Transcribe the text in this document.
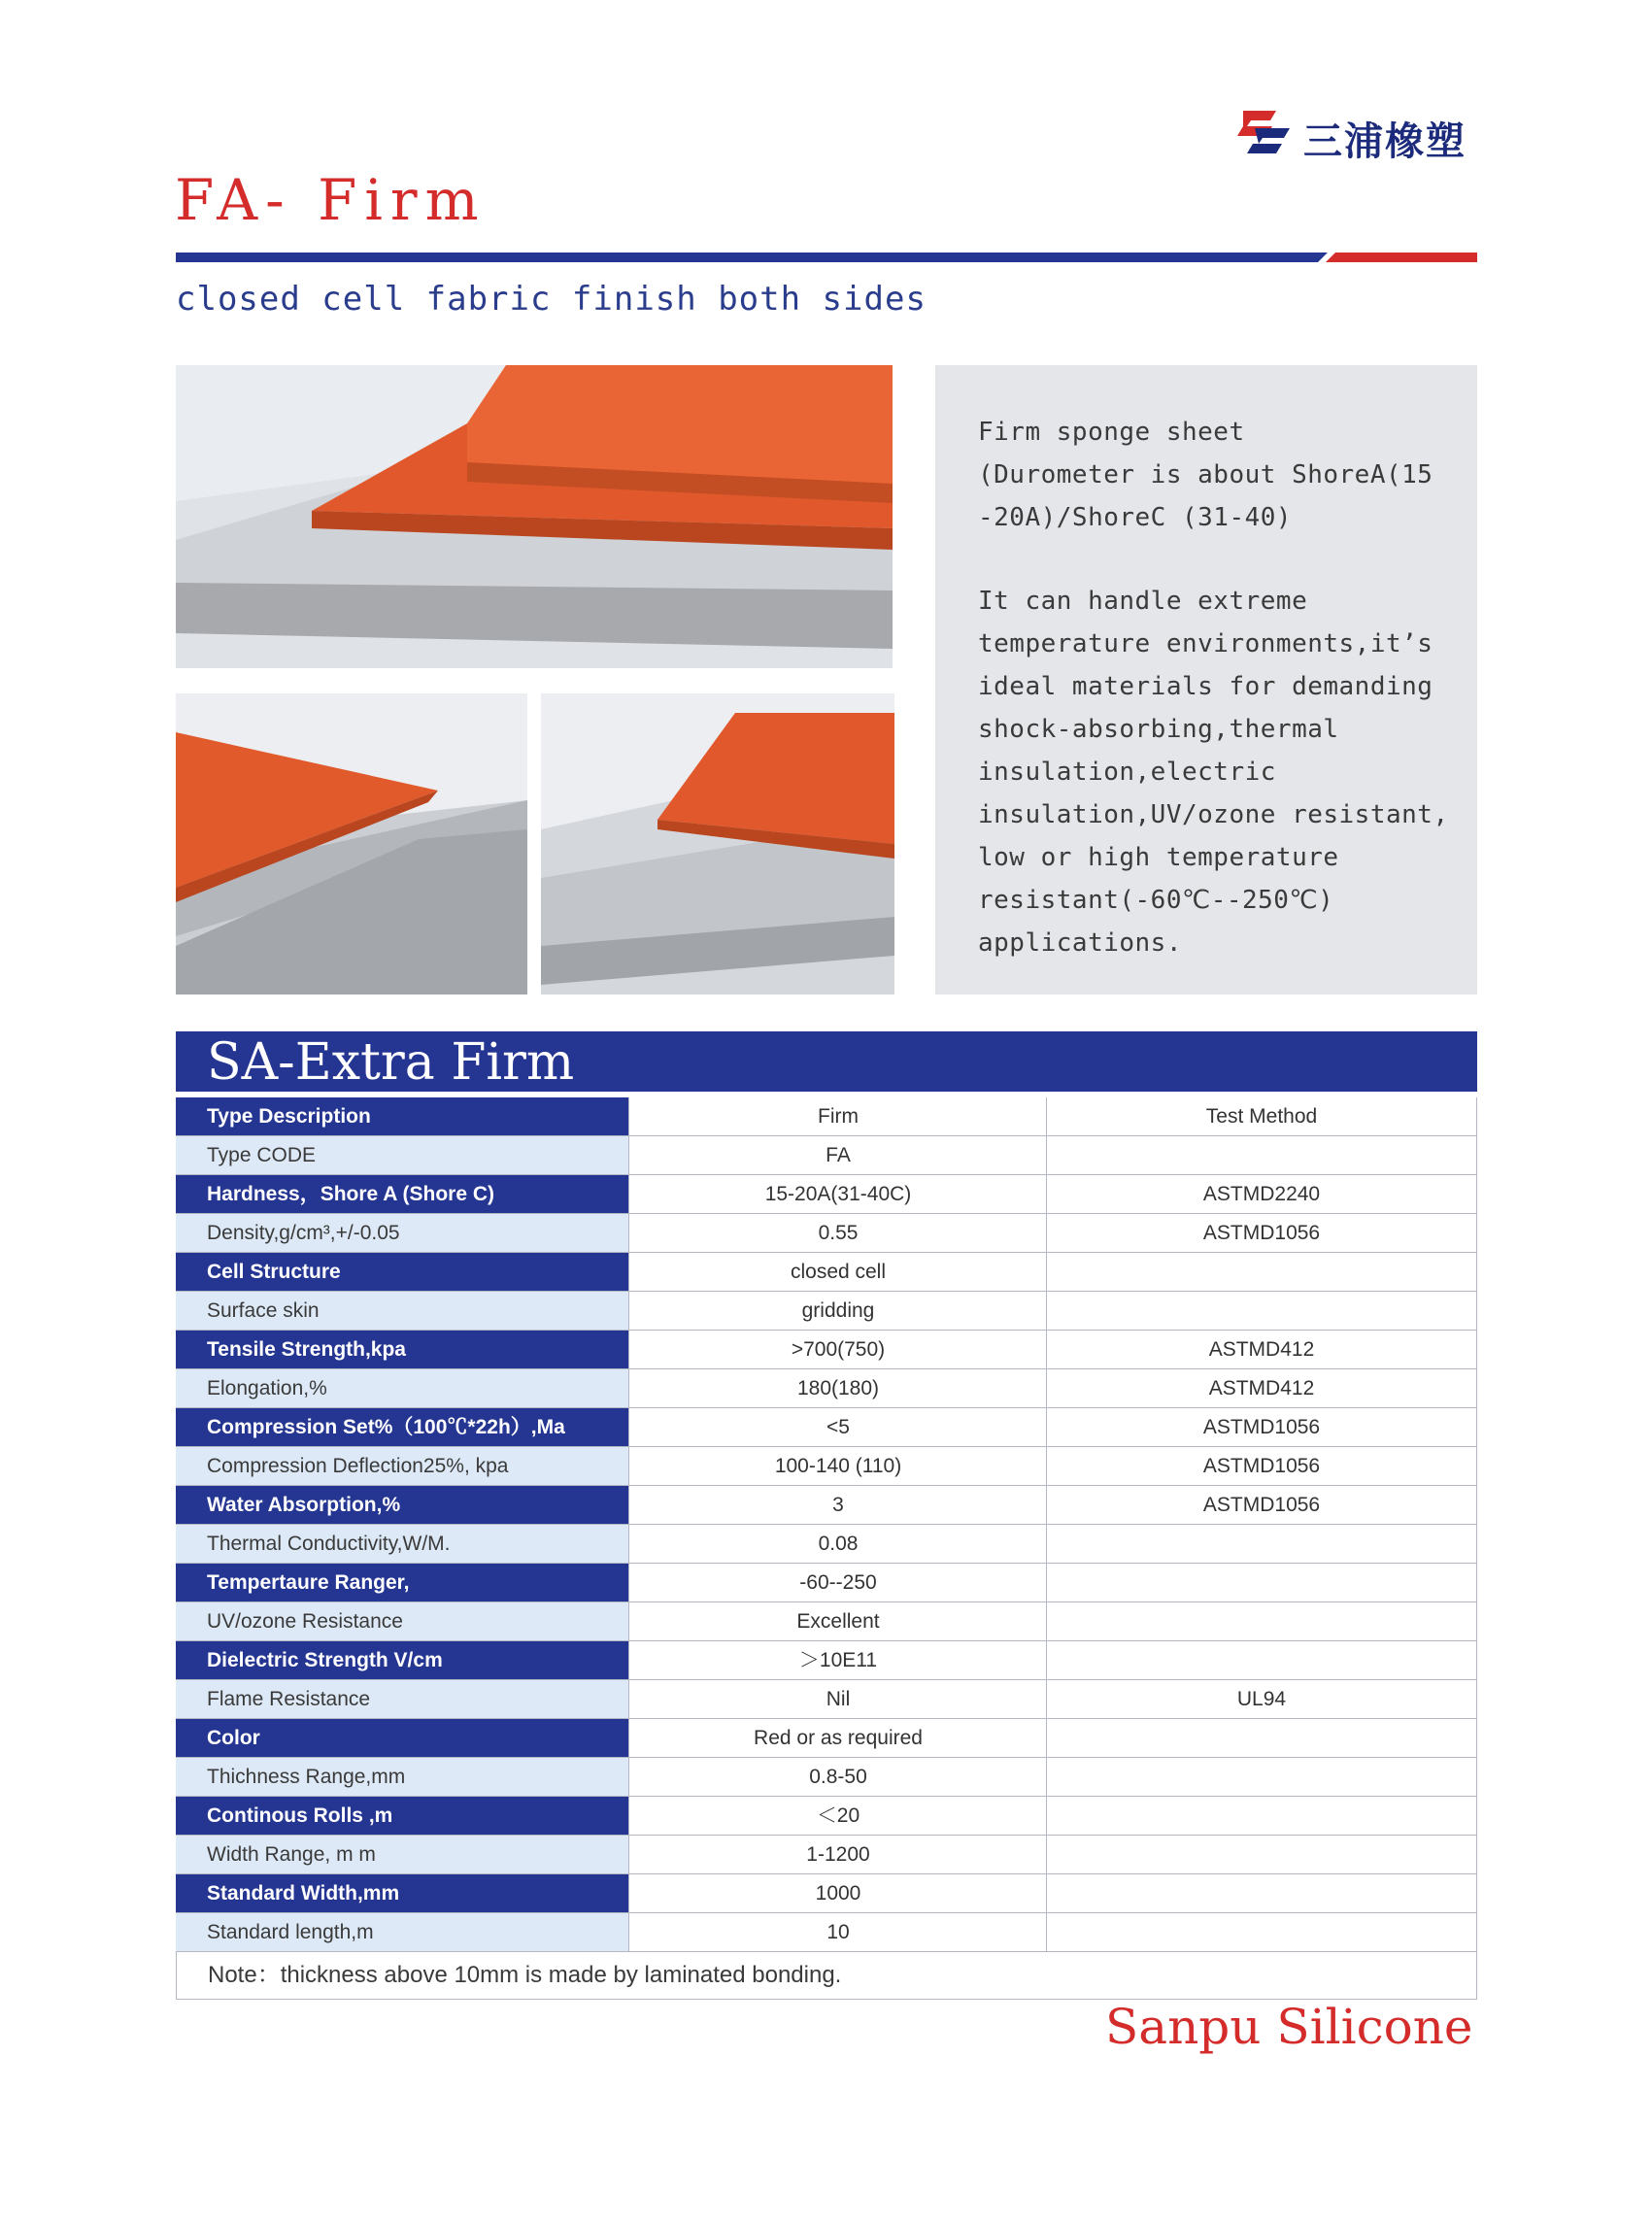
三浦橡塑
FA- Firm
closed cell fabric finish both sides
Firm sponge sheet
(Durometer is about ShoreA(15
-20A)/ShoreC (31-40)
It can handle extreme
temperature environments,it’s
ideal materials for demanding
shock-absorbing,thermal
insulation,electric
insulation,UV/ozone resistant,
low or high temperature
resistant(-60℃--250℃)
applications.
SA-Extra Firm
Type Description	Firm	Test Method
Type CODE	FA
Hardness，Shore A (Shore C)	15-20A(31-40C)	ASTMD2240
Density,g/cm³,+/-0.05	0.55	ASTMD1056
Cell Structure	closed cell
Surface skin	gridding
Tensile Strength,kpa	>700(750)	ASTMD412
Elongation,%	180(180)	ASTMD412
Compression Set%（100℃*22h）,Ma	<5	ASTMD1056
Compression Deflection25%, kpa	100-140 (110)	ASTMD1056
Water Absorption,%	3	ASTMD1056
Thermal Conductivity,W/M.	0.08
Tempertaure Ranger,	-60--250
UV/ozone Resistance	Excellent
Dielectric Strength V/cm	＞10E11
Flame Resistance	Nil	UL94
Color	Red or as required
Thichness Range,mm	0.8-50
Continous Rolls ,m	＜20
Width Range, m m	1-1200
Standard Width,mm	1000
Standard length,m	10
Note：thickness above 10mm is made by laminated bonding.
Sanpu Silicone
